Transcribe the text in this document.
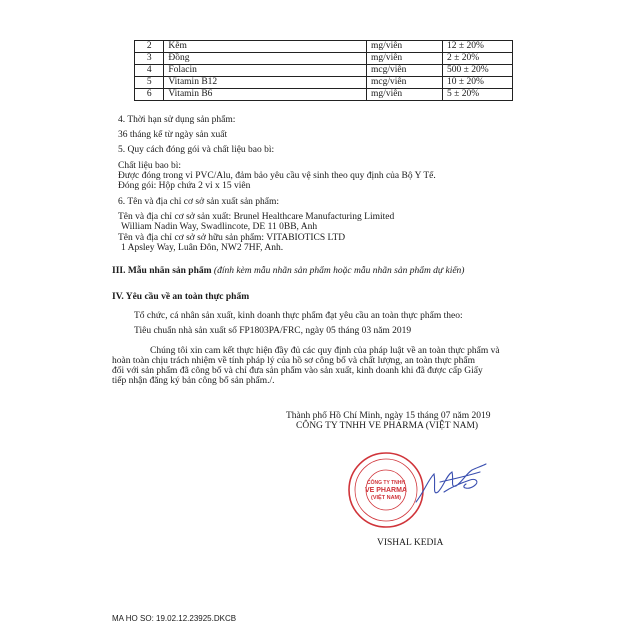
2	Kẽm	mg/viên	12 ± 20%
3	Đồng	mg/viên	2 ± 20%
4	Folacin	mcg/viên	500 ± 20%
5	Vitamin B12	mcg/viên	10 ± 20%
6	Vitamin B6	mg/viên	5 ± 20%
4. Thời hạn sử dụng sản phẩm:
36 tháng kể từ ngày sản xuất
5. Quy cách đóng gói và chất liệu bao bì:
Chất liệu bao bì:
Được đóng trong vỉ PVC/Alu, đảm bảo yêu cầu vệ sinh theo quy định của Bộ Y Tế.
Đóng gói: Hộp chứa 2 vỉ x 15 viên
6. Tên và địa chỉ cơ sở sản xuất sản phẩm:
Tên và địa chỉ cơ sở sản xuất: Brunel Healthcare Manufacturing Limited
William Nadin Way, Swadlincote, DE 11 0BB, Anh
Tên và địa chỉ cơ sở sở hữu sản phẩm: VITABIOTICS LTD
1 Apsley Way, Luân Đôn, NW2 7HF, Anh.
III. Mẫu nhãn sản phẩm (đính kèm mẫu nhãn sản phẩm hoặc mẫu nhãn sản phẩm dự kiến)
IV. Yêu cầu về an toàn thực phẩm
Tổ chức, cá nhân sản xuất, kinh doanh thực phẩm đạt yêu cầu an toàn thực phẩm theo:
Tiêu chuẩn nhà sản xuất số FP1803PA/FRC, ngày 05 tháng 03 năm 2019
Chúng tôi xin cam kết thực hiện đầy đủ các quy định của pháp luật về an toàn thực phẩm và
hoàn toàn chịu trách nhiệm về tính pháp lý của hồ sơ công bố và chất lượng, an toàn thực phẩm
đối với sản phẩm đã công bố và chỉ đưa sản phẩm vào sản xuất, kinh doanh khi đã được cấp Giấy
tiếp nhận đăng ký bản công bố sản phẩm./.
Thành phố Hồ Chí Minh, ngày 15 tháng 07 năm 2019
CÔNG TY TNHH VE PHARMA (VIỆT NAM)
CÔNG TY TNHH
VE PHARMA
(VIỆT NAM)
VISHAL KEDIA
MA HO SO: 19.02.12.23925.DKCB
